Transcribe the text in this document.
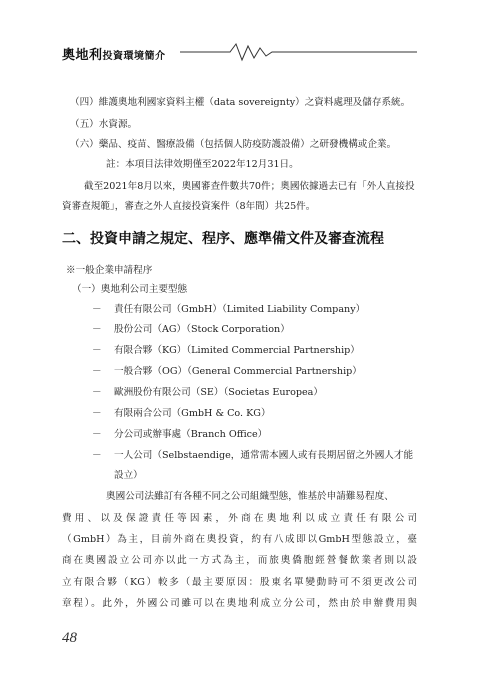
奧地利投資環境簡介
（四）維護奧地利國家資料主權（data sovereignty）之資料處理及儲存系統。
（五）水資源。
（六）藥品、疫苗、醫療設備（包括個人防疫防護設備）之研發機構或企業。
註：本項目法律效期僅至2022年12月31日。
截至2021年8月以來，奧國審查件數共70件；奧國依據過去已有「外人直接投
資審查規範」，審查之外人直接投資案件（8年間）共25件。
二、投資申請之規定、程序、應準備文件及審查流程
※一般企業申請程序
（一）奧地利公司主要型態
－ 責任有限公司（GmbH）（Limited Liability Company）
－ 股份公司（AG）（Stock Corporation）
－ 有限合夥（KG）（Limited Commercial Partnership）
－ 一般合夥（OG）（General Commercial Partnership）
－ 歐洲股份有限公司（SE）（Societas Europea）
－ 有限兩合公司（GmbH & Co. KG）
－ 分公司或辦事處（Branch Office）
－ 一人公司（Selbstaendige，通常需本國人或有長期居留之外國人才能
設立）
奧國公司法雖訂有各種不同之公司組織型態，惟基於申請難易程度、
費用、以及保證責任等因素，外商在奧地利以成立責任有限公司
（GmbH）為主，目前外商在奧投資，約有八成即以GmbH型態設立，臺
商在奧國設立公司亦以此一方式為主，而旅奧僑胞經營餐飲業者則以設
立有限合夥（KG）較多（最主要原因：股東名單變動時可不須更改公司
章程）。此外，外國公司雖可以在奧地利成立分公司，然由於申辦費用與
48
